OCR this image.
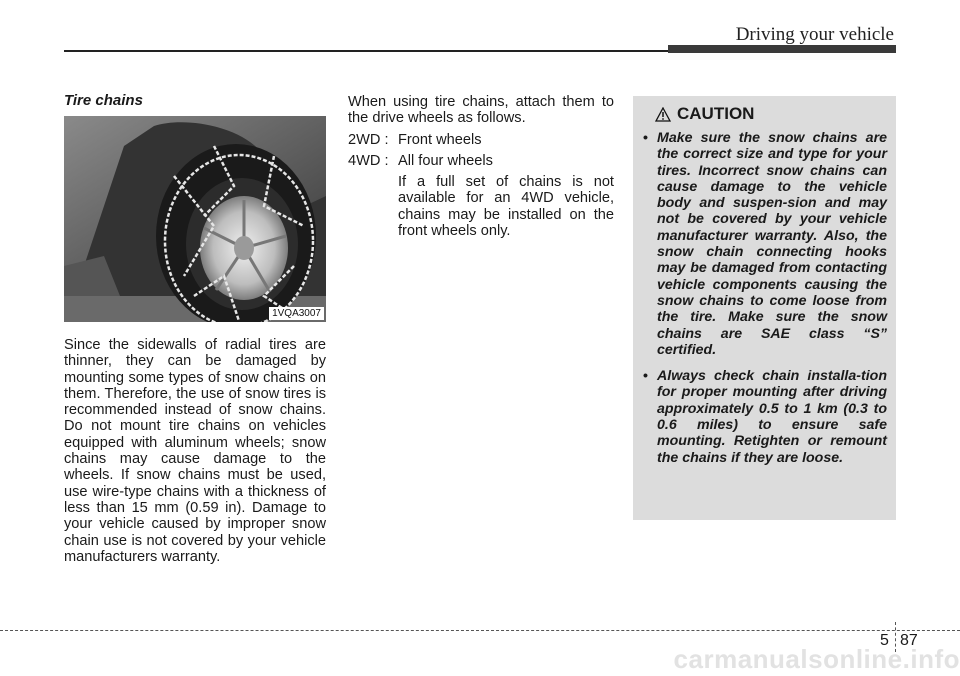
Driving your vehicle
Tire chains
1VQA3007
Since the sidewalls of radial tires are thinner, they can be damaged by mounting some types of snow chains on them. Therefore, the use of snow tires is recommended instead of snow chains. Do not mount tire chains on vehicles equipped with aluminum wheels; snow chains may cause damage to the wheels. If snow chains must be used, use wire-type chains with a thickness of less than 15 mm (0.59 in). Damage to your vehicle caused by improper snow chain use is not covered by your vehicle manufacturers warranty.

When using tire chains, attach them to the drive wheels as follows.

2WD : Front wheels
4WD : All four wheels
If a full set of chains is not available for an 4WD vehicle, chains may be installed on the front wheels only.
CAUTION
• Make sure the snow chains are the correct size and type for your tires. Incorrect snow chains can cause damage to the vehicle body and suspen-sion and may not be covered by your vehicle manufacturer warranty. Also, the snow chain connecting hooks may be damaged from contacting vehicle components causing the snow chains to come loose from the tire. Make sure the snow chains are SAE class “S” certified.
• Always check chain installa-tion for proper mounting after driving approximately 0.5 to 1 km (0.3 to 0.6 miles) to ensure safe mounting. Retighten or remount the chains if they are loose.
5 87
carmanualsonline.info
